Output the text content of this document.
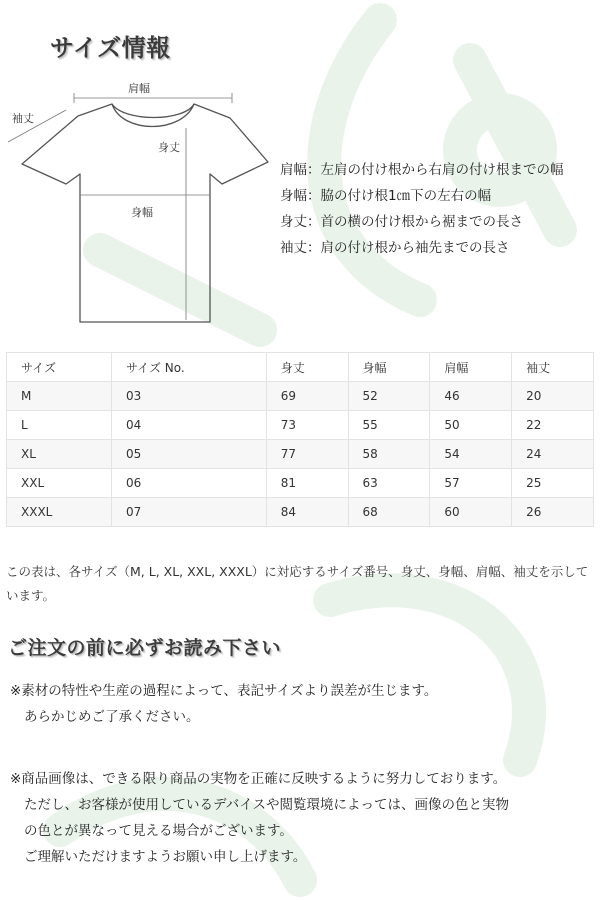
サイズ情報
肩幅
袖丈
身丈
身幅
肩幅：左肩の付け根から右肩の付け根までの幅
身幅：脇の付け根1㎝下の左右の幅
身丈：首の横の付け根から裾までの長さ
袖丈：肩の付け根から袖先までの長さ
サイズ	サイズ No.	身丈	身幅	肩幅	袖丈
M	03	69	52	46	20
L	04	73	55	50	22
XL	05	77	58	54	24
XXL	06	81	63	57	25
XXXL	07	84	68	60	26
この表は、各サイズ（M, L, XL, XXL, XXXL）に対応するサイズ番号、身丈、身幅、肩幅、袖丈を示しています。
ご注文の前に必ずお読み下さい
※素材の特性や生産の過程によって、表記サイズより誤差が生じます。
あらかじめご了承ください。
※商品画像は、できる限り商品の実物を正確に反映するように努力しております。
ただし、お客様が使用しているデバイスや閲覧環境によっては、画像の色と実物
の色とが異なって見える場合がございます。
ご理解いただけますようお願い申し上げます。
